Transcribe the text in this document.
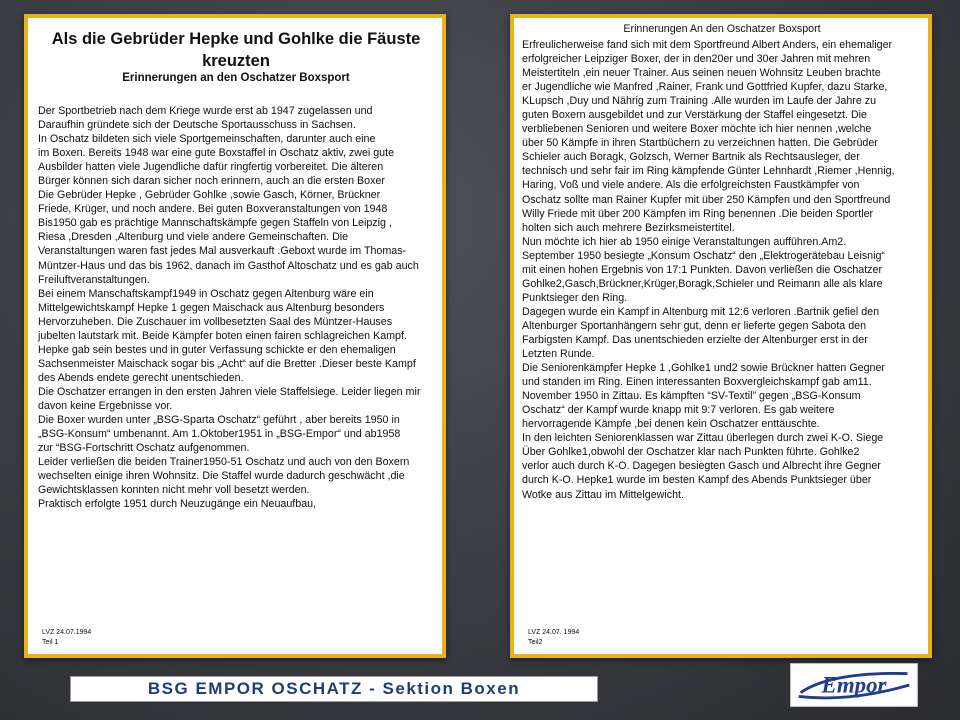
Als die Gebrüder Hepke und Gohlke die Fäuste kreuzten
Erinnerungen an den Oschatzer Boxsport

Der Sportbetrieb nach dem Kriege wurde erst ab 1947 zugelassen und
Daraufhin gründete sich der Deutsche Sportausschuss in Sachsen.
In Oschatz bildeten sich viele Sportgemeinschaften, darunter auch eine
im Boxen. Bereits 1948 war eine gute Boxstaffel in Oschatz aktiv, zwei gute
Ausbilder hatten viele Jugendliche dafür ringfertig vorbereitet. Die älteren
Bürger können sich daran sicher noch erinnern, auch an die ersten Boxer
Die Gebrüder Hepke , Gebrüder Gohlke ,sowie Gasch, Körner, Brückner
Friede, Krüger, und noch andere. Bei guten Boxveranstaltungen von 1948
Bis1950 gab es prächtige Mannschaftskämpfe gegen Staffeln von Leipzig ,
Riesa ,Dresden ,Altenburg und viele andere Gemeinschaften. Die
Veranstaltungen waren fast jedes Mal ausverkauft .Geboxt wurde im Thomas-
Müntzer-Haus und das bis 1962, danach im Gasthof Altoschatz und es gab auch
Freiluftveranstaltungen.
Bei einem Manschaftskampf1949 in Oschatz gegen Altenburg wäre ein
Mittelgewichtskampf Hepke 1 gegen Maischack aus Altenburg besonders
Hervorzuheben. Die Zuschauer im vollbesetzten Saal des Müntzer-Hauses
jubelten lautstark mit. Beide Kämpfer boten einen fairen schlagreichen Kampf.
Hepke gab sein bestes und in guter Verfassung schickte er den ehemaligen
Sachsenmeister Maischack sogar bis „Acht“ auf die Bretter .Dieser beste Kampf
des Abends endete gerecht unentschieden.
Die Oschatzer errangen in den ersten Jahren viele Staffelsiege. Leider liegen mir
davon keine Ergebnisse vor.
Die Boxer wurden unter „BSG-Sparta Oschatz“ geführt , aber bereits 1950 in
„BSG-Konsum“ umbenannt. Am 1.Oktober1951 in „BSG-Empor“ und ab1958
zur “BSG-Fortschritt Oschatz aufgenommen.
Leider verließen die beiden Trainer1950-51 Oschatz und auch von den Boxern
wechselten einige ihren Wohnsitz. Die Staffel wurde dadurch geschwächt ,die
Gewichtsklassen konnten nicht mehr voll besetzt werden.
Praktisch erfolgte 1951 durch Neuzugänge ein Neuaufbau,

LVZ 24.07.1994
Teil 1
Erinnerungen An den Oschatzer Boxsport

Erfreulicherweise fand sich mit dem Sportfreund Albert Anders, ein ehemaliger
erfolgreicher Leipziger Boxer, der in den20er und 30er Jahren mit mehren
Meistertiteln ,ein neuer Trainer. Aus seinen neuen Wohnsitz Leuben brachte
er Jugendliche wie Manfred ,Rainer, Frank und Gottfried Kupfer, dazu Starke,
KLupsch ,Duy und Nährig zum Training .Alle wurden im Laufe der Jahre zu
guten Boxern ausgebildet und zur Verstärkung der Staffel eingesetzt. Die
verbliebenen Senioren und weitere Boxer möchte ich hier nennen ,welche
über 50 Kämpfe in ihren Startbüchern zu verzeichnen hatten. Die Gebrüder
Schieler auch Boragk, Golzsch, Werner Bartnik als Rechtsausleger, der
technisch und sehr fair im Ring kämpfende Günter Lehnhardt ,Riemer ,Hennig,
Haring, Voß und viele andere. Als die erfolgreichsten Faustkämpfer von
Oschatz sollte man Rainer Kupfer mit über 250 Kämpfen und den Sportfreund
Willy Friede mit über 200 Kämpfen im Ring benennen .Die beiden Sportler
holten sich auch mehrere Bezirksmeistertitel.
Nun möchte ich hier ab 1950 einige Veranstaltungen aufführen.Am2.
September 1950 besiegte „Konsum Oschatz“ den „Elektrogerätebau Leisnig“
mit einen hohen Ergebnis von 17:1 Punkten. Davon verließen die Oschatzer
Gohlke2,Gasch,Brückner,Krüger,Boragk,Schieler und Reimann alle als klare
Punktsieger den Ring.
Dagegen wurde ein Kampf in Altenburg mit 12:6 verloren .Bartnik gefiel den
Altenburger Sportanhängern sehr gut, denn er lieferte gegen Sabota den
Farbigsten Kampf. Das unentschieden erzielte der Altenburger erst in der
Letzten Runde.
Die Seniorenkämpfer Hepke 1 ,Gohlke1 und2 sowie Brückner hatten Gegner
und standen im Ring. Einen interessanten Boxvergleichskampf gab am11.
November 1950 in Zittau. Es kämpften “SV-Textil” gegen „BSG-Konsum
Oschatz“ der Kampf wurde knapp mit 9:7 verloren. Es gab weitere
hervorragende Kämpfe ,bei denen kein Oschatzer enttäuschte.
In den leichten Seniorenklassen war Zittau überlegen durch zwei K-O. Siege
Über Gohlke1,obwohl der Oschatzer klar nach Punkten führte. Gohlke2
verlor auch durch K-O. Dagegen besiegten Gasch und Albrecht ihre Gegner
durch K-O. Hepke1 wurde im besten Kampf des Abends Punktsieger über
Wotke aus Zittau im Mittelgewicht.

LVZ 24.07. 1994
Teil2
BSG EMPOR OSCHATZ - Sektion Boxen	Empor
